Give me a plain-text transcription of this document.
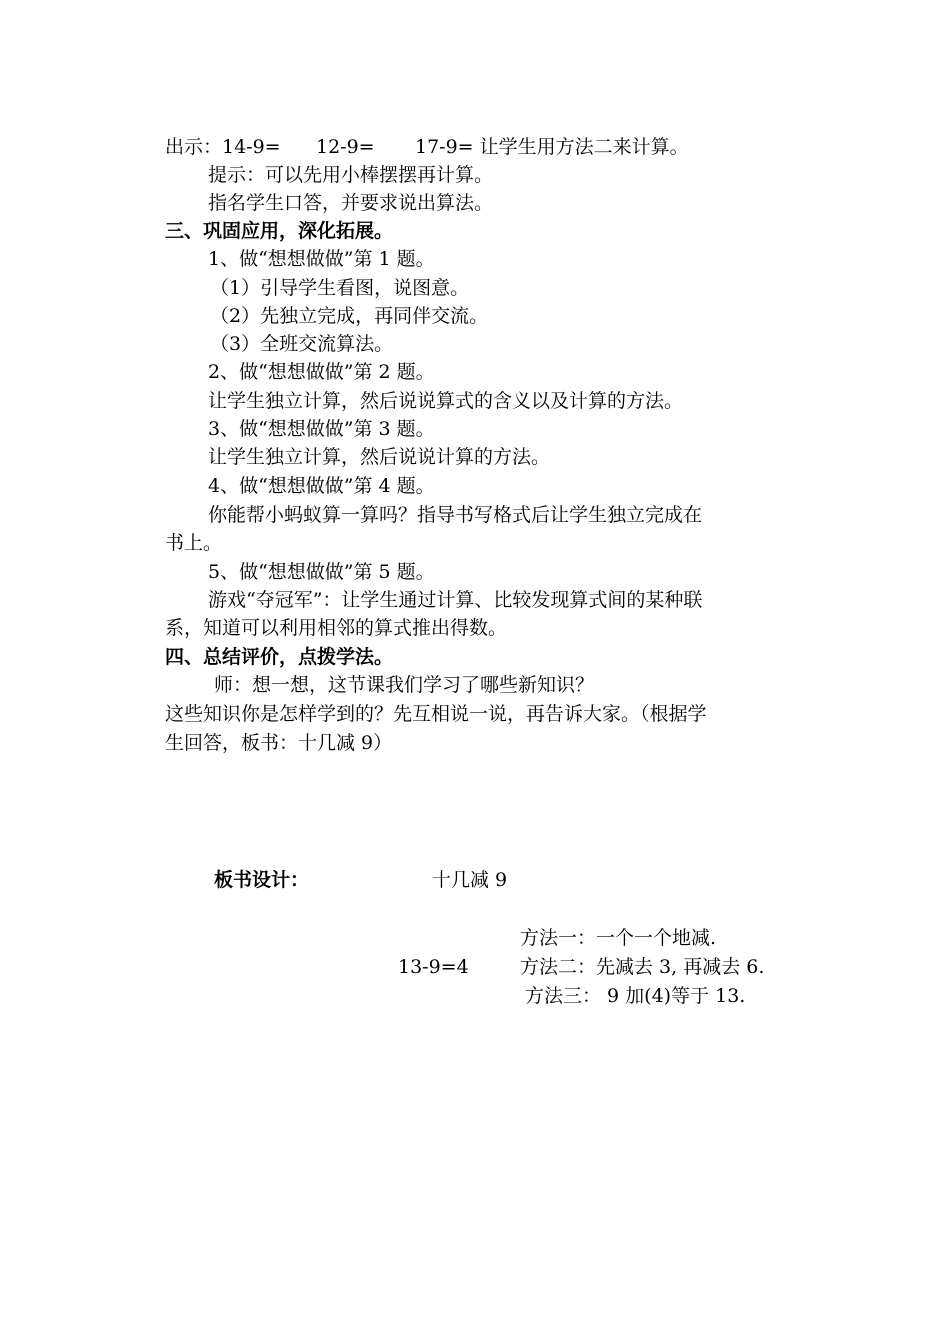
出示：14-9= 12-9= 17-9= 让学生用方法二来计算。
提示：可以先用小棒摆摆再计算。
指名学生口答，并要求说出算法。
三、巩固应用，深化拓展。
1、做“想想做做”第 1 题。
（1）引导学生看图，说图意。
（2）先独立完成，再同伴交流。
（3）全班交流算法。
2、做“想想做做”第 2 题。
让学生独立计算，然后说说算式的含义以及计算的方法。
3、做“想想做做”第 3 题。
让学生独立计算，然后说说计算的方法。
4、做“想想做做”第 4 题。
你能帮小蚂蚁算一算吗？指导书写格式后让学生独立完成在
书上。
5、做“想想做做”第 5 题。
游戏“夺冠军”：让学生通过计算、比较发现算式间的某种联
系，知道可以利用相邻的算式推出得数。
四、总结评价，点拨学法。
师：想一想，这节课我们学习了哪些新知识？
这些知识你是怎样学到的？先互相说一说，再告诉大家。（根据学
生回答，板书：十几减 9）
板书设计：	十几减 9
方法一：一个一个地减.
13-9=4	方法二：先减去 3, 再减去 6.
方法三： 9 加(4)等于 13.
